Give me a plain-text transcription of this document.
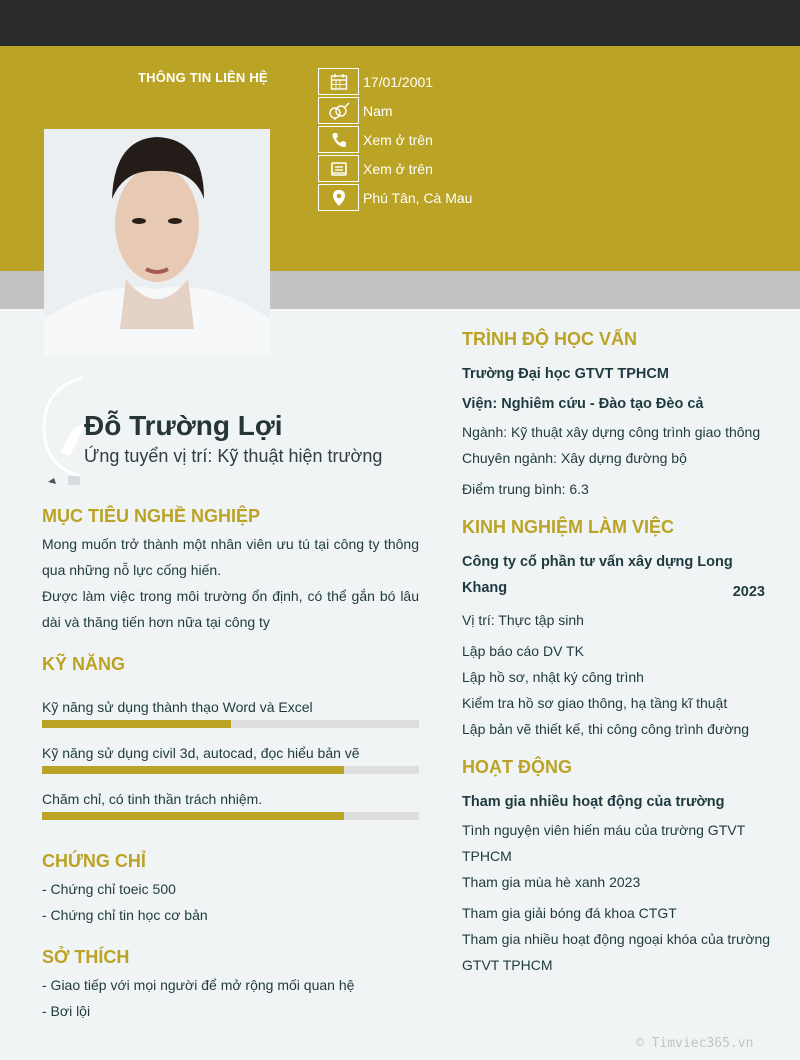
THÔNG TIN LIÊN HỆ	17/01/2001
Nam
Xem ở trên
Xem ở trên
Phú Tân, Cà Mau
Đỗ Trường Lợi
Ứng tuyển vị trí: Kỹ thuật hiện trường
MỤC TIÊU NGHỀ NGHIỆP
Mong muốn trở thành một nhân viên ưu tú tại công ty thông qua những nỗ lực cống hiến.
Được làm việc trong môi trường ổn định, có thể gắn bó lâu dài và thăng tiến hơn nữa tại công ty
KỸ NĂNG
Kỹ năng sử dụng thành thạo Word và Excel
Kỹ năng sử dụng civil 3d, autocad, đọc hiểu bản vẽ
Chăm chỉ, có tinh thần trách nhiệm.
CHỨNG CHỈ
- Chứng chỉ toeic 500
- Chứng chỉ tin học cơ bản
SỞ THÍCH
- Giao tiếp với mọi người để mở rộng mối quan hệ
- Bơi lội
TRÌNH ĐỘ HỌC VẤN
Trường Đại học GTVT TPHCM
Viện: Nghiêm cứu - Đào tạo Đèo cả
Ngành: Kỹ thuật xây dựng công trình giao thông
Chuyên ngành: Xây dựng đường bộ
Điểm trung bình: 6.3
KINH NGHIỆM LÀM VIỆC
Công ty cổ phần tư vấn xây dựng Long Khang	2023
Vị trí: Thực tập sinh
Lập báo cáo DV TK
Lập hồ sơ, nhật ký công trình
Kiểm tra hồ sơ giao thông, hạ tầng kĩ thuật
Lập bản vẽ thiết kế, thi công công trình đường
HOẠT ĐỘNG
Tham gia nhiều hoạt động của trường
Tình nguyện viên hiến máu của trường GTVT TPHCM
Tham gia mùa hè xanh 2023
Tham gia giải bóng đá khoa CTGT
Tham gia nhiều hoạt động ngoại khóa của trường GTVT TPHCM
© Timviec365.vn
